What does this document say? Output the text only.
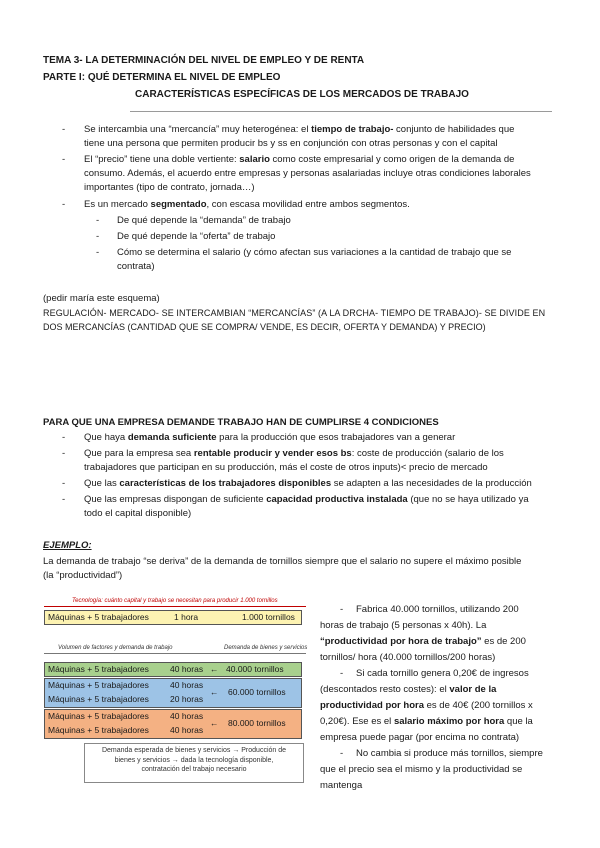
TEMA 3- LA DETERMINACIÓN DEL NIVEL DE EMPLEO Y DE RENTA
PARTE I: QUÉ DETERMINA EL NIVEL DE EMPLEO
CARACTERÍSTICAS ESPECÍFICAS DE LOS MERCADOS DE TRABAJO
- Se intercambia una “mercancía” muy heterogénea: el tiempo de trabajo- conjunto de habilidades que
tiene una persona que permiten producir bs y ss en conjunción con otras personas y con el capital
- El “precio” tiene una doble vertiente: salario como coste empresarial y como origen de la demanda de
consumo. Además, el acuerdo entre empresas y personas asalariadas incluye otras condiciones laborales
importantes (tipo de contrato, jornada…)
- Es un mercado segmentado, con escasa movilidad entre ambos segmentos.
- De qué depende la “demanda” de trabajo
- De qué depende la “oferta” de trabajo
- Cómo se determina el salario (y cómo afectan sus variaciones a la cantidad de trabajo que se
contrata)
(pedir maría este esquema)
REGULACIÓN- MERCADO- SE INTERCAMBIAN “MERCANCÍAS” (A LA DRCHA- TIEMPO DE TRABAJO)- SE DIVIDE EN
DOS MERCANCÍAS (CANTIDAD QUE SE COMPRA/ VENDE, ES DECIR, OFERTA Y DEMANDA) Y PRECIO)
PARA QUE UNA EMPRESA DEMANDE TRABAJO HAN DE CUMPLIRSE 4 CONDICIONES
- Que haya demanda suficiente para la producción que esos trabajadores van a generar
- Que para la empresa sea rentable producir y vender esos bs: coste de producción (salario de los
trabajadores que participan en su producción, más el coste de otros inputs)< precio de mercado
- Que las características de los trabajadores disponibles se adapten a las necesidades de la producción
- Que las empresas dispongan de suficiente capacidad productiva instalada (que no se haya utilizado ya
todo el capital disponible)
EJEMPLO:
La demanda de trabajo “se deriva” de la demanda de tornillos siempre que el salario no supere el máximo posible
(la “productividad”)
Tecnología: cuánto capital y trabajo se necesitan para producir 1.000 tornillos
Máquinas + 5 trabajadores	1 hora	1.000 tornillos
Volumen de factores y demanda de trabajo	Demanda de bienes y servicios
Máquinas + 5 trabajadores 40 horas ← 40.000 tornillos
Máquinas + 5 trabajadores 40 horas
Máquinas + 5 trabajadores 20 horas
← 60.000 tornillos
Máquinas + 5 trabajadores 40 horas
Máquinas + 5 trabajadores 40 horas
← 80.000 tornillos
Demanda esperada de bienes y servicios → Producción de
bienes y servicios → dada la tecnología disponible,
contratación del trabajo necesario
- Fabrica 40.000 tornillos, utilizando 200
horas de trabajo (5 personas x 40h). La
“productividad por hora de trabajo” es de 200
tornillos/ hora (40.000 tornillos/200 horas)
- Si cada tornillo genera 0,20€ de ingresos
(descontados resto costes): el valor de la
productividad por hora es de 40€ (200 tornillos x
0,20€). Ese es el salario máximo por hora que la
empresa puede pagar (por encima no contrata)
- No cambia si produce más tornillos, siempre
que el precio sea el mismo y la productividad se
mantenga
